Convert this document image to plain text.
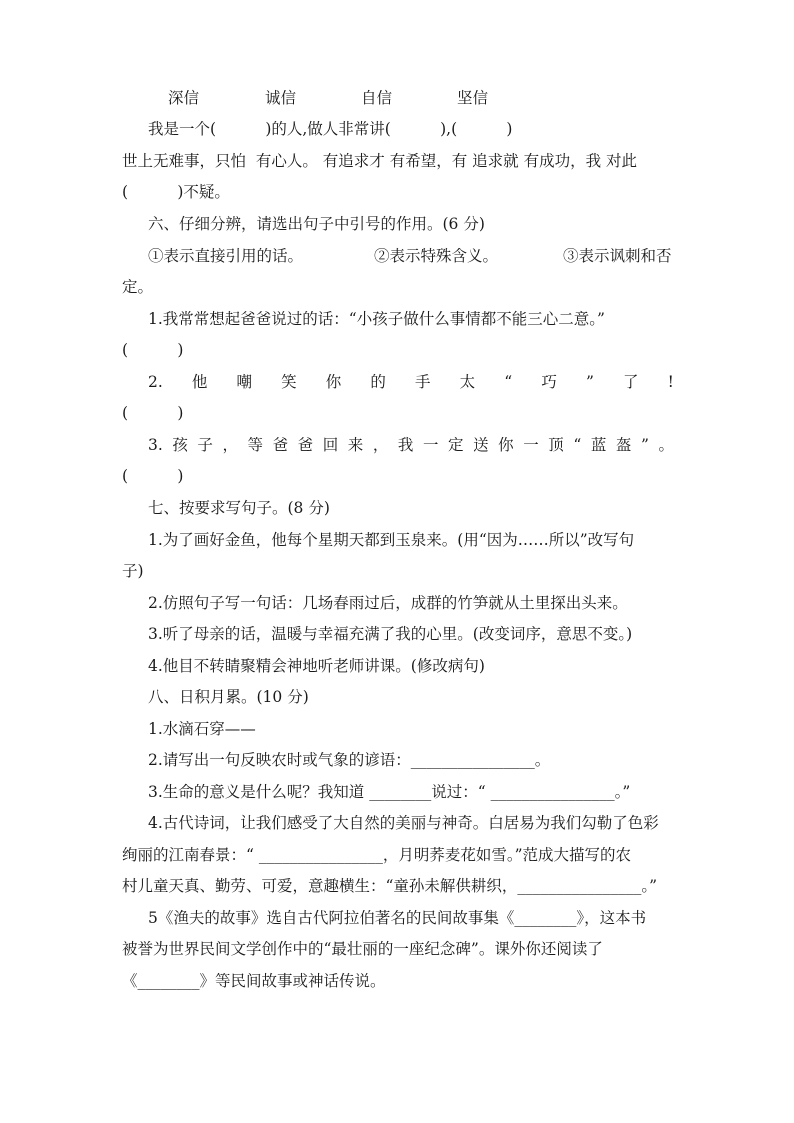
深信	诚信	自信	坚信
我是一个(          )的人,做人非常讲(          ),(          )
世上无难事，只怕  有心人。 有追求才 有希望，有 追求就 有成功，我 对此
(          )不疑。
六、仔细分辨，请选出句子中引号的作用。(6 分)
①表示直接引用的话。	②表示特殊含义。	③表示讽刺和否
定。
1.我常常想起爸爸说过的话：“小孩子做什么事情都不能三心二意。”
(          )
2. 他 嘲 笑 你 的 手 太 “ 巧 ” 了 !
(          )
3. 孩 子 ， 等 爸 爸 回 来 ， 我 一 定 送 你 一 顶 “ 蓝 盔 ” 。
(          )
七、按要求写句子。(8 分)
1.为了画好金鱼，他每个星期天都到玉泉来。(用“因为……所以”改写句
子)
2.仿照句子写一句话：几场春雨过后，成群的竹笋就从土里探出头来。
3.听了母亲的话，温暖与幸福充满了我的心里。(改变词序，意思不变。)
4.他目不转睛聚精会神地听老师讲课。(修改病句)
八、日积月累。(10 分)
1.水滴石穿——
2.请写出一句反映农时或气象的谚语：________________。
3.生命的意义是什么呢？我知道 ________说过：“ ________________。”
4.古代诗词，让我们感受了大自然的美丽与神奇。白居易为我们勾勒了色彩
绚丽的江南春景：“ ________________，月明荞麦花如雪。”范成大描写的农
村儿童天真、勤劳、可爱，意趣横生：“童孙未解供耕织，________________。”
5《渔夫的故事》选自古代阿拉伯著名的民间故事集《________》，这本书
被誉为世界民间文学创作中的“最壮丽的一座纪念碑”。课外你还阅读了
《________》等民间故事或神话传说。
